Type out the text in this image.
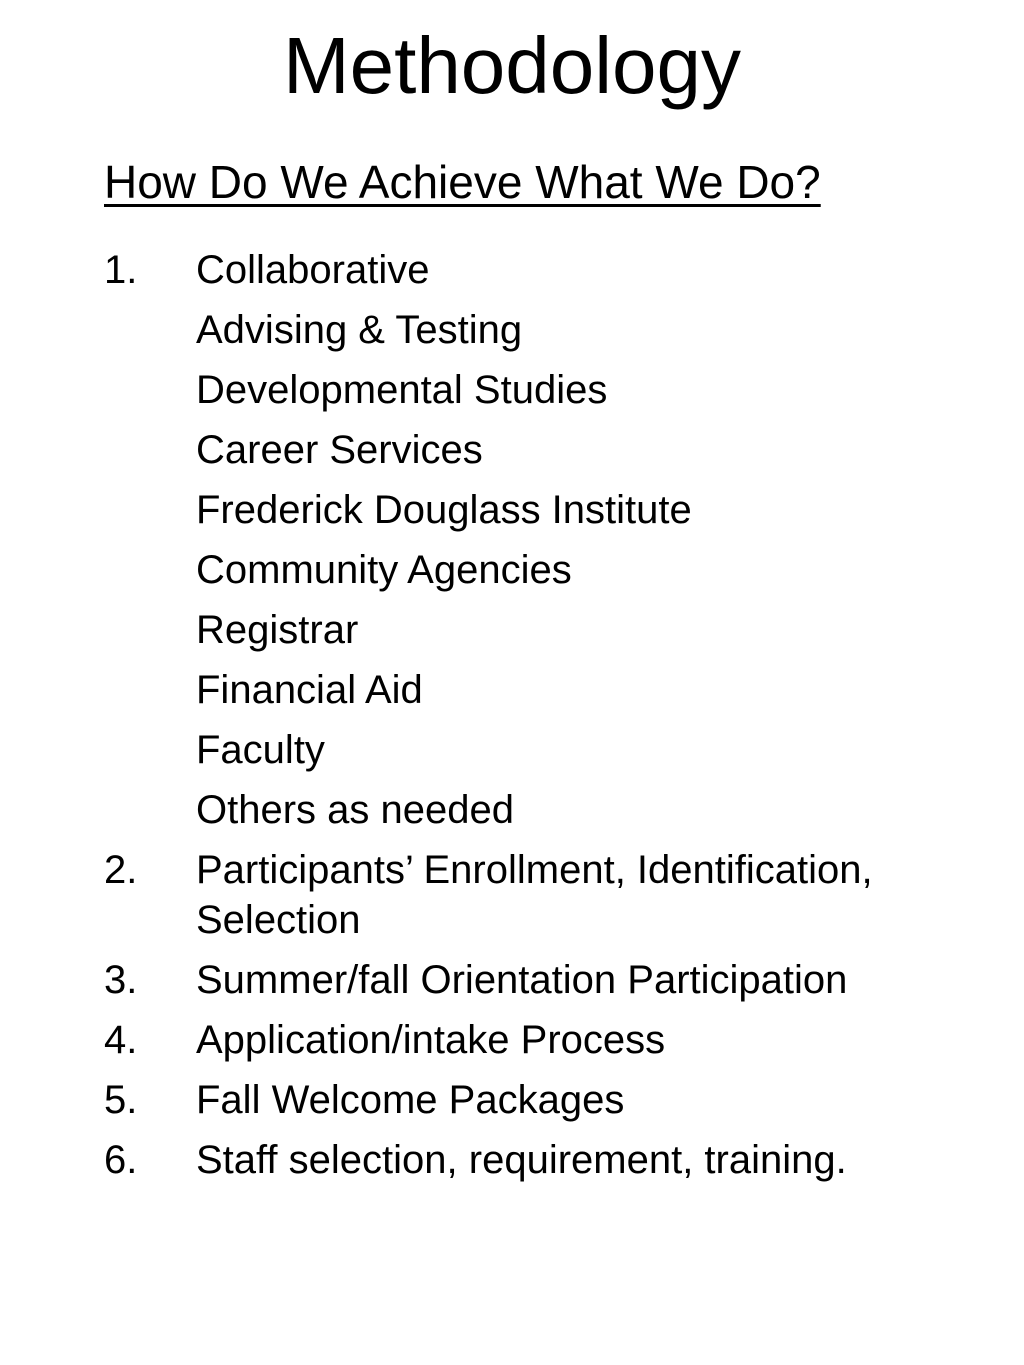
Methodology
How Do We Achieve What We Do?
1. Collaborative
Advising & Testing
Developmental Studies
Career Services
Frederick Douglass Institute
Community Agencies
Registrar
Financial Aid
Faculty
Others as needed
2. Participants’ Enrollment, Identification, Selection
3. Summer/fall Orientation Participation
4. Application/intake Process
5. Fall Welcome Packages
6. Staff selection, requirement, training.
